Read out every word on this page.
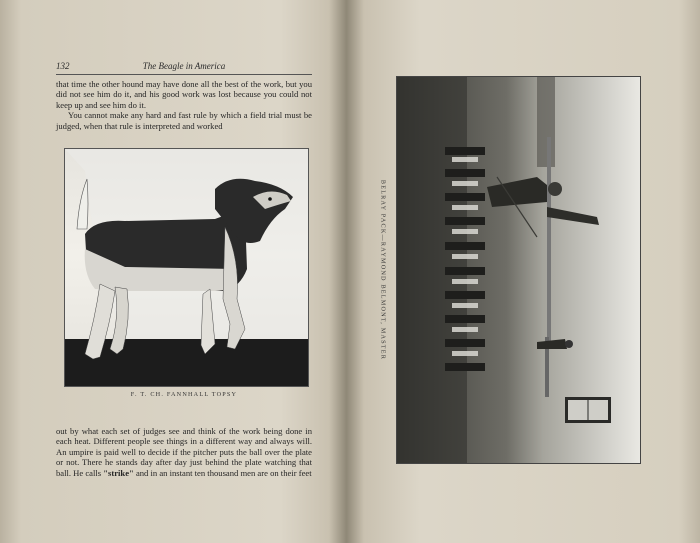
132	The Beagle in America

that time the other hound may have done all the best of the work, but you did not see him do it, and his good work was lost because you could not keep up and see him do it.

You cannot make any hard and fast rule by which a field trial must be judged, when that rule is interpreted and worked

F. T. CH. FANNHALL TOPSY

out by what each set of judges see and think of the work being done in each heat. Different people see things in a different way and always will. An umpire is paid well to decide if the pitcher puts the ball over the plate or not. There he stands day after day just behind the plate watching that ball. He calls "strike" and in an instant ten thousand men are on their feet

BELRAY PACK—RAYMOND BELMONT, MASTER
